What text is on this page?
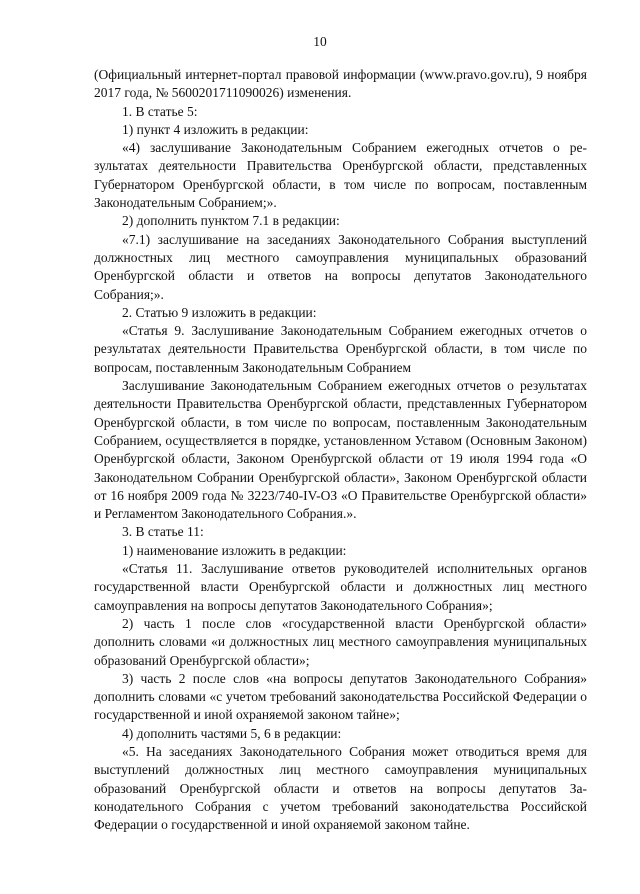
10

(Официальный интернет-портал правовой информации (www.pravo.gov.ru), 9 ноября 2017 года, № 5600201711090026) изменения.

1. В статье 5:

1) пункт 4 изложить в редакции:

«4) заслушивание Законодательным Собранием ежегодных отчетов о результатах деятельности Правительства Оренбургской области, представленных Губернатором Оренбургской области, в том числе по вопросам, поставленным Законодательным Собранием;».

2) дополнить пунктом 7.1 в редакции:

«7.1) заслушивание на заседаниях Законодательного Собрания выступлений должностных лиц местного самоуправления муниципальных образований Оренбургской области и ответов на вопросы депутатов Законодательного Собрания;».

2. Статью 9 изложить в редакции:

«Статья 9. Заслушивание Законодательным Собранием ежегодных отчетов о результатах деятельности Правительства Оренбургской области, в том числе по вопросам, поставленным Законодательным Собранием

Заслушивание Законодательным Собранием ежегодных отчетов о результатах деятельности Правительства Оренбургской области, представленных Губернатором Оренбургской области, в том числе по вопросам, поставленным Законодательным Собранием, осуществляется в порядке, установленном Уставом (Основным Законом) Оренбургской области, Законом Оренбургской области от 19 июля 1994 года «О Законодательном Собрании Оренбургской области», Законом Оренбургской области от 16 ноября 2009 года № 3223/740-IV-ОЗ «О Правительстве Оренбургской области» и Регламентом Законодательного Собрания.».

3. В статье 11:

1) наименование изложить в редакции:

«Статья 11. Заслушивание ответов руководителей исполнительных органов государственной власти Оренбургской области и должностных лиц местного самоуправления на вопросы депутатов Законодательного Собрания»;

2) часть 1 после слов «государственной власти Оренбургской области» дополнить словами «и должностных лиц местного самоуправления муниципальных образований Оренбургской области»;

3) часть 2 после слов «на вопросы депутатов Законодательного Собрания» дополнить словами «с учетом требований законодательства Российской Федерации о государственной и иной охраняемой законом тайне»;

4) дополнить частями 5, 6 в редакции:

«5. На заседаниях Законодательного Собрания может отводиться время для выступлений должностных лиц местного самоуправления муниципальных образований Оренбургской области и ответов на вопросы депутатов Законодательного Собрания с учетом требований законодательства Российской Федерации о государственной и иной охраняемой законом тайне.
